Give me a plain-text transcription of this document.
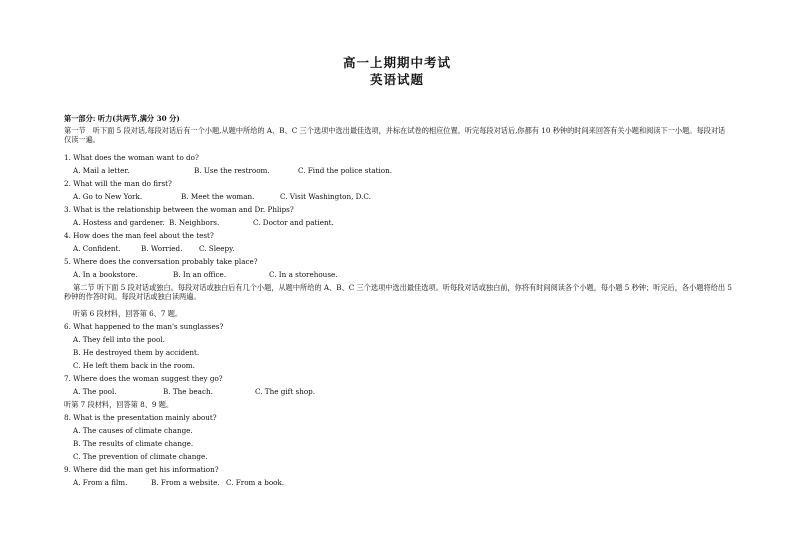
高一上期期中考试
英语试题
第一部分: 听力(共两节,满分 30 分)
第一节　听下面 5 段对话,每段对话后有一个小题,从题中所给的 A、B、C 三个选项中选出最佳选项，并标在试卷的相应位置。听完每段对话后,你都有 10 秒钟的时间来回答有关小题和阅读下一小题。每段对话仅读一遍。
1. What does the woman want to do?
A. Mail a letter.	B. Use the restroom.	C. Find the police station.
2. What will the man do first?
A. Go to New York.	B. Meet the woman.	C. Visit Washington, D.C.
3. What is the relationship between the woman and Dr. Phlips?
A. Hostess and gardener. B. Neighbors.	C. Doctor and patient.
4. How does the man feel about the test?
A. Confident.	B. Worried. C. Sleepy.
5. Where does the conversation probably take place?
A. In a bookstore.	B. In an office.	C. In a storehouse.
第二节 听下面 5 段对话或独白。每段对话或独白后有几个小题，从题中所给的 A、B、C 三个选项中选出最佳选项。听每段对话或独白前，你将有时间阅读各个小题，每小题 5 秒钟；听完后，各小题将给出 5 秒钟的作答时间。每段对话或独白读两遍。
听第 6 段材料，回答第 6、7 题。
6. What happened to the man's sunglasses?
A. They fell into the pool.
B. He destroyed them by accident.
C. He left them back in the room.
7. Where does the woman suggest they go?
A. The pool.	B. The beach.	C. The gift shop.
听第 7 段材料，回答第 8、9 题。
8. What is the presentation mainly about?
A. The causes of climate change.
B. The results of climate change.
C. The prevention of climate change.
9. Where did the man get his information?
A. From a film.	B. From a website. C. From a book.
